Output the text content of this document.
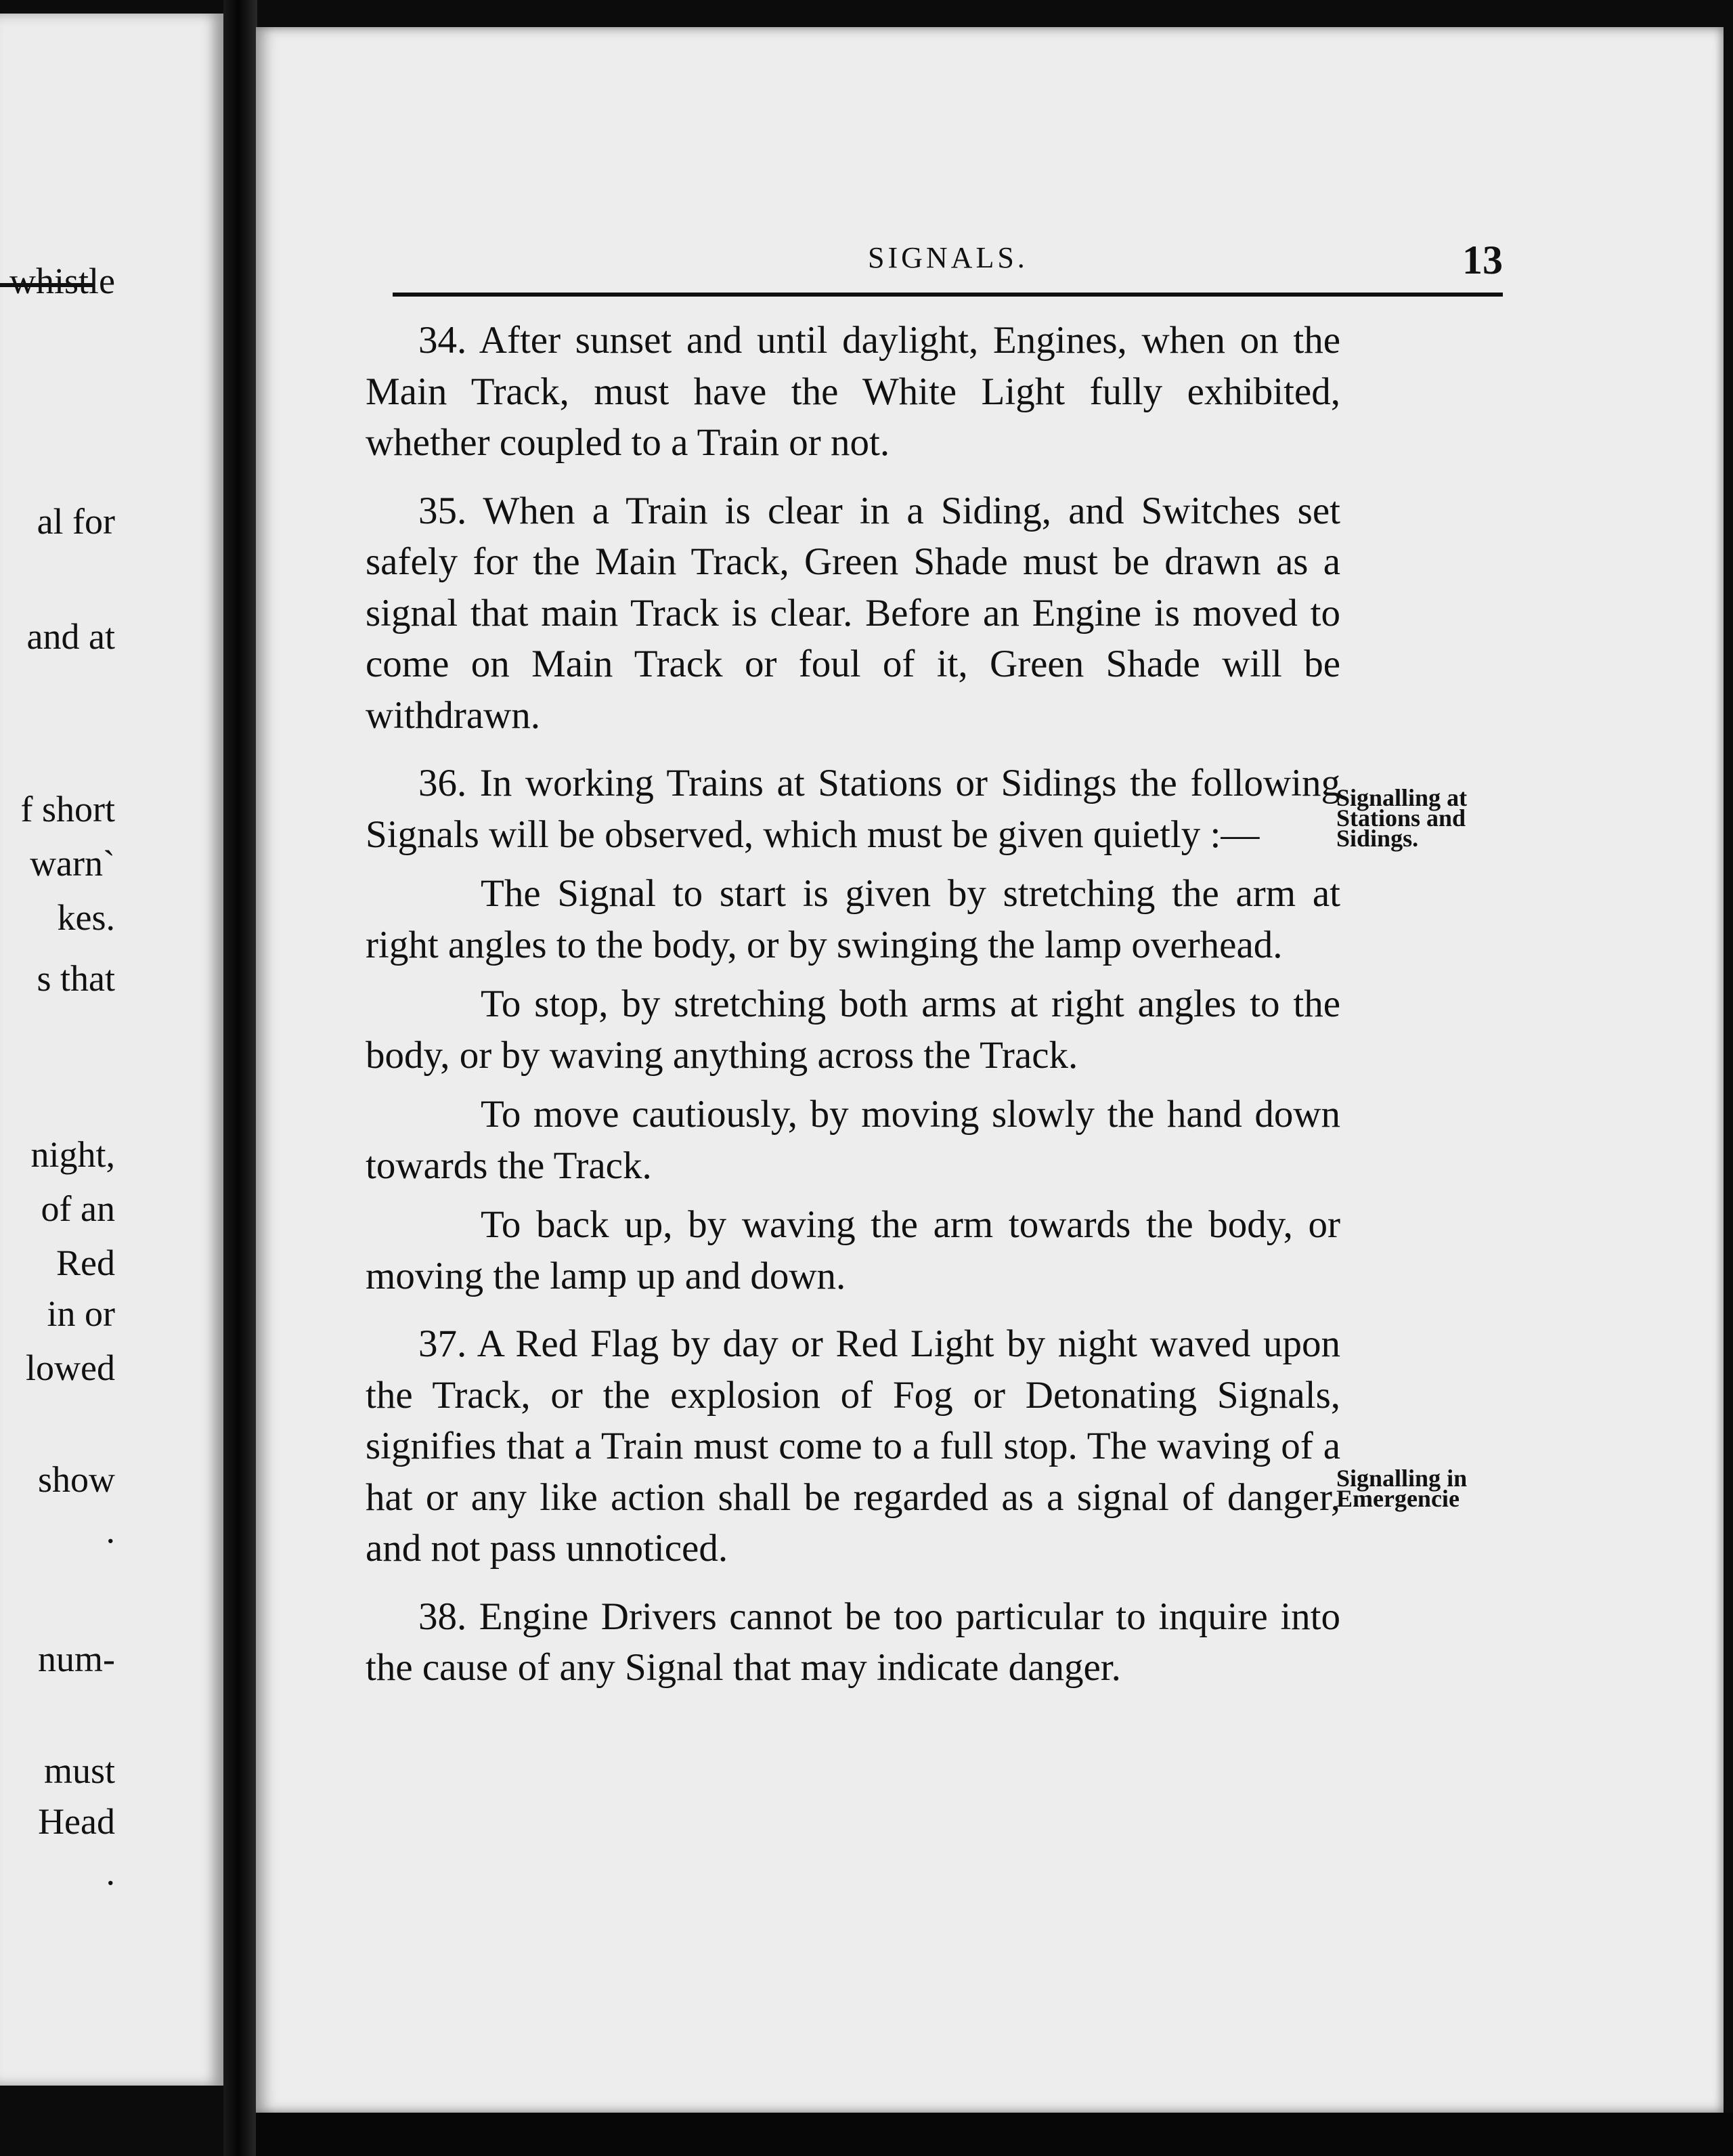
whistle
al for
and at
f short
warn`
kes.
s that
night,
of an
Red
in or
lowed
show
.
num-
must
Head
.
SIGNALS.	13

34. After sunset and until daylight, Engines, when on the Main Track, must have the White Light fully exhibited, whether coupled to a Train or not.

35. When a Train is clear in a Siding, and Switches set safely for the Main Track, Green Shade must be drawn as a signal that main Track is clear. Before an Engine is moved to come on Main Track or foul of it, Green Shade will be withdrawn.

36. In working Trains at Stations or Sidings the following Signals will be observed, which must be given quietly :—

The Signal to start is given by stretching the arm at right angles to the body, or by swinging the lamp overhead.

To stop, by stretching both arms at right angles to the body, or by waving anything across the Track.

To move cautiously, by moving slowly the hand down towards the Track.

To back up, by waving the arm towards the body, or moving the lamp up and down.

37. A Red Flag by day or Red Light by night waved upon the Track, or the explosion of Fog or Detonating Signals, signifies that a Train must come to a full stop. The waving of a hat or any like action shall be regarded as a signal of danger, and not pass unnoticed.

38. Engine Drivers cannot be too particular to inquire into the cause of any Signal that may indicate danger.

Signalling at Stations and Sidings.
Signalling in Emergencie
